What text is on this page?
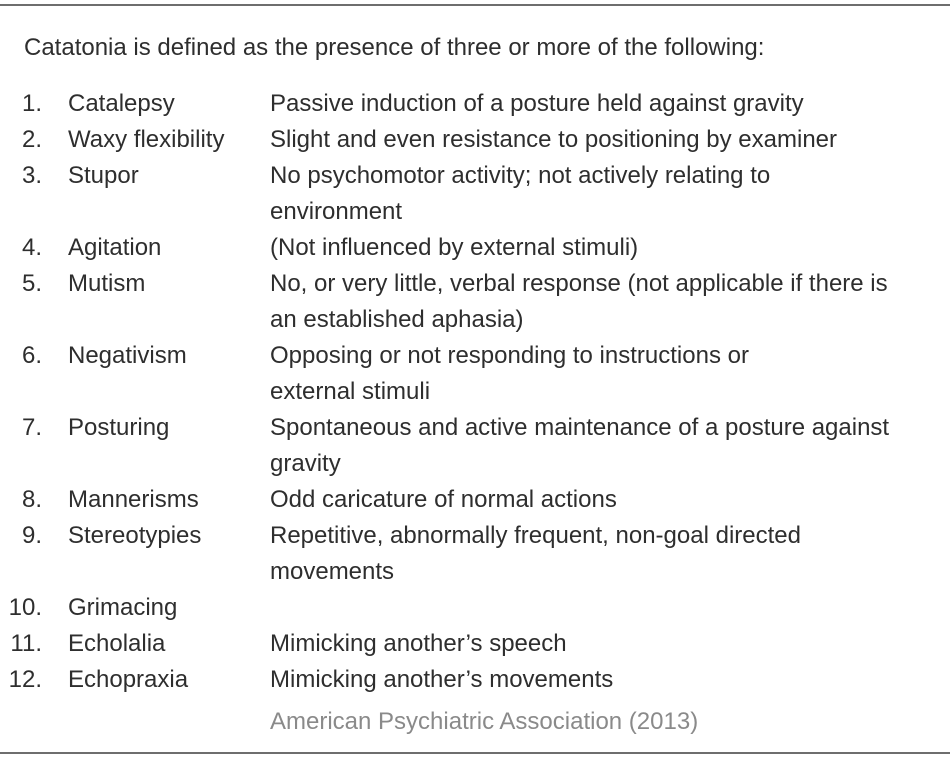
Catatonia is defined as the presence of three or more of the following:
1. Catalepsy	Passive induction of a posture held against gravity
2. Waxy flexibility Slight and even resistance to positioning by examiner
3. Stupor	No psychomotor activity; not actively relating to
environment
4. Agitation	(Not influenced by external stimuli)
5. Mutism	No, or very little, verbal response (not applicable if there is
an established aphasia)
6. Negativism	Opposing or not responding to instructions or
external stimuli
7. Posturing	Spontaneous and active maintenance of a posture against
gravity
8. Mannerisms	Odd caricature of normal actions
9. Stereotypies	Repetitive, abnormally frequent, non-goal directed
movements
10. Grimacing
11. Echolalia	Mimicking another’s speech
12. Echopraxia	Mimicking another’s movements
American Psychiatric Association (2013)
